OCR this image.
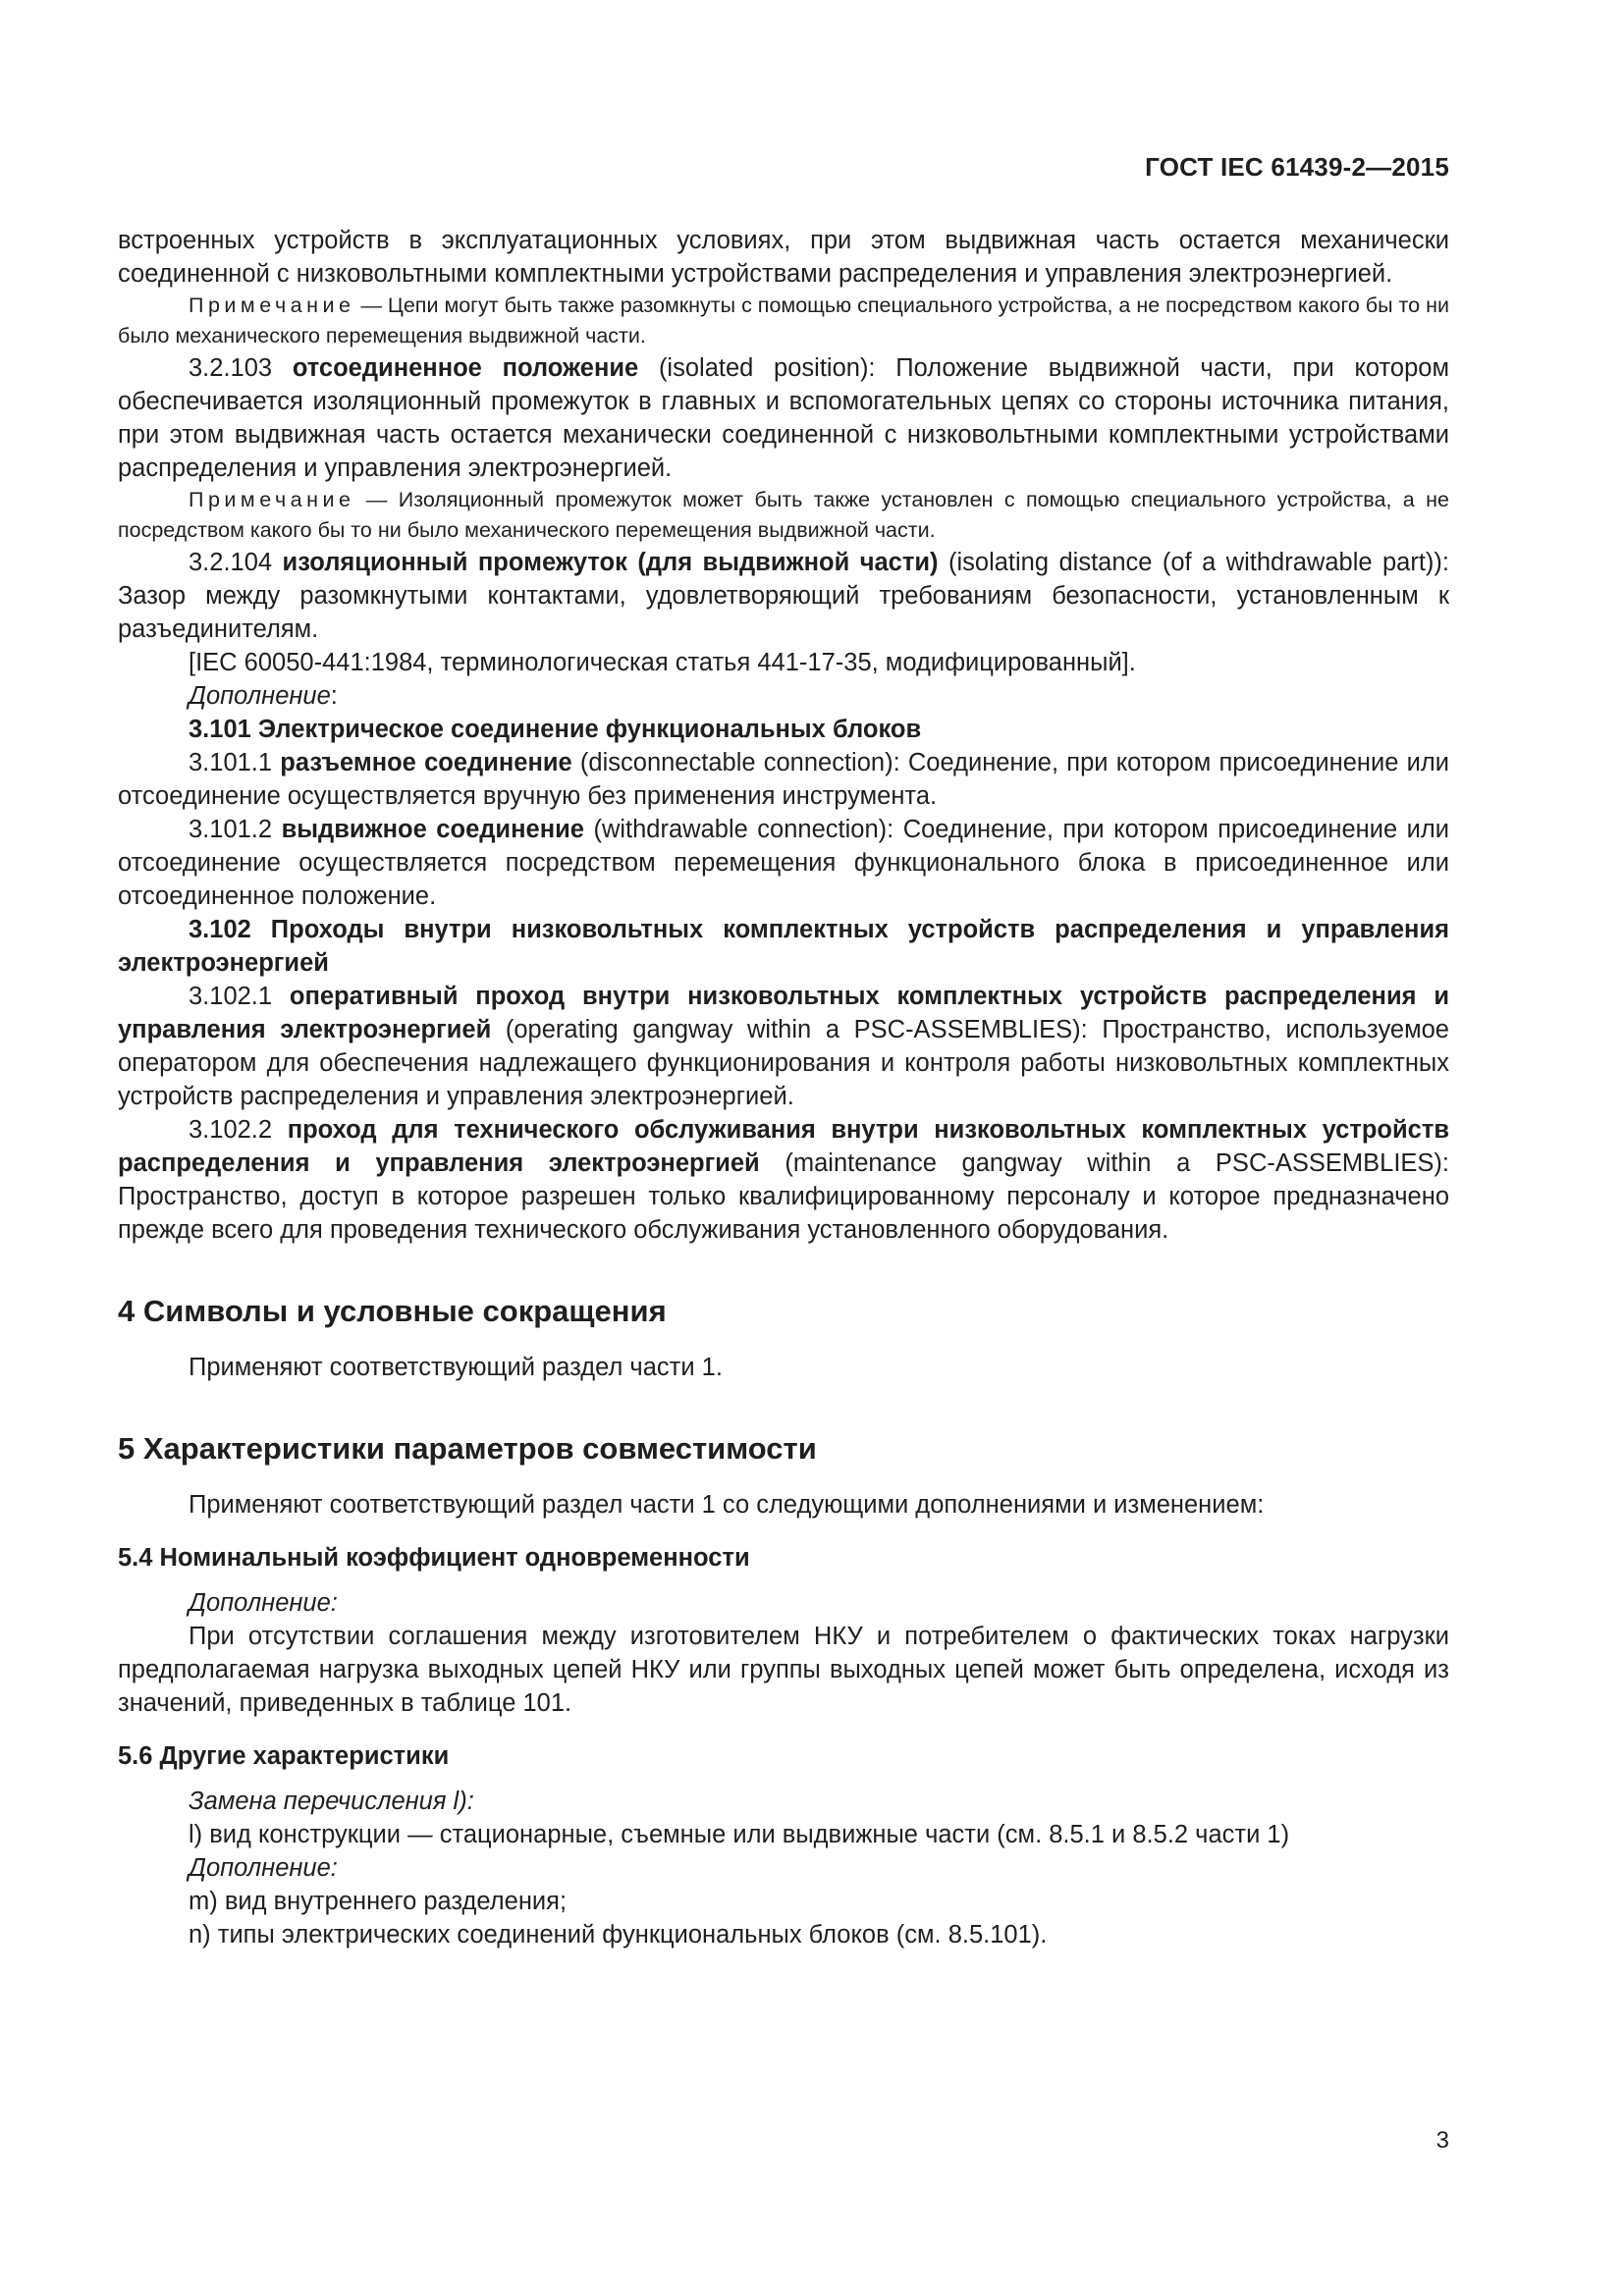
ГОСТ IEC 61439-2—2015

встроенных устройств в эксплуатационных условиях, при этом выдвижная часть остается механически соединенной с низковольтными комплектными устройствами распределения и управления электроэнергией.

Примечание — Цепи могут быть также разомкнуты с помощью специального устройства, а не посредством какого бы то ни было механического перемещения выдвижной части.

3.2.103 отсоединенное положение (isolated position): Положение выдвижной части, при котором обеспечивается изоляционный промежуток в главных и вспомогательных цепях со стороны источника питания, при этом выдвижная часть остается механически соединенной с низковольтными комплектными устройствами распределения и управления электроэнергией.

Примечание — Изоляционный промежуток может быть также установлен с помощью специального устройства, а не посредством какого бы то ни было механического перемещения выдвижной части.

3.2.104 изоляционный промежуток (для выдвижной части) (isolating distance (of a withdrawable part)): Зазор между разомкнутыми контактами, удовлетворяющий требованиям безопасности, установленным к разъединителям.

[IEC 60050-441:1984, терминологическая статья 441-17-35, модифицированный].

Дополнение:

3.101 Электрическое соединение функциональных блоков

3.101.1 разъемное соединение (disconnectable connection): Соединение, при котором присоединение или отсоединение осуществляется вручную без применения инструмента.

3.101.2 выдвижное соединение (withdrawable connection): Соединение, при котором присоединение или отсоединение осуществляется посредством перемещения функционального блока в присоединенное или отсоединенное положение.

3.102 Проходы внутри низковольтных комплектных устройств распределения и управления электроэнергией

3.102.1 оперативный проход внутри низковольтных комплектных устройств распределения и управления электроэнергией (operating gangway within a PSC-ASSEMBLIES): Пространство, используемое оператором для обеспечения надлежащего функционирования и контроля работы низковольтных комплектных устройств распределения и управления электроэнергией.

3.102.2 проход для технического обслуживания внутри низковольтных комплектных устройств распределения и управления электроэнергией (maintenance gangway within a PSC-ASSEMBLIES): Пространство, доступ в которое разрешен только квалифицированному персоналу и которое предназначено прежде всего для проведения технического обслуживания установленного оборудования.

4 Символы и условные сокращения

Применяют соответствующий раздел части 1.

5 Характеристики параметров совместимости

Применяют соответствующий раздел части 1 со следующими дополнениями и изменением:

5.4 Номинальный коэффициент одновременности

Дополнение:

При отсутствии соглашения между изготовителем НКУ и потребителем о фактических токах нагрузки предполагаемая нагрузка выходных цепей НКУ или группы выходных цепей может быть определена, исходя из значений, приведенных в таблице 101.

5.6 Другие характеристики

Замена перечисления l):

l) вид конструкции — стационарные, съемные или выдвижные части (см. 8.5.1 и 8.5.2 части 1)

Дополнение:

m) вид внутреннего разделения;

n) типы электрических соединений функциональных блоков (см. 8.5.101).

3
